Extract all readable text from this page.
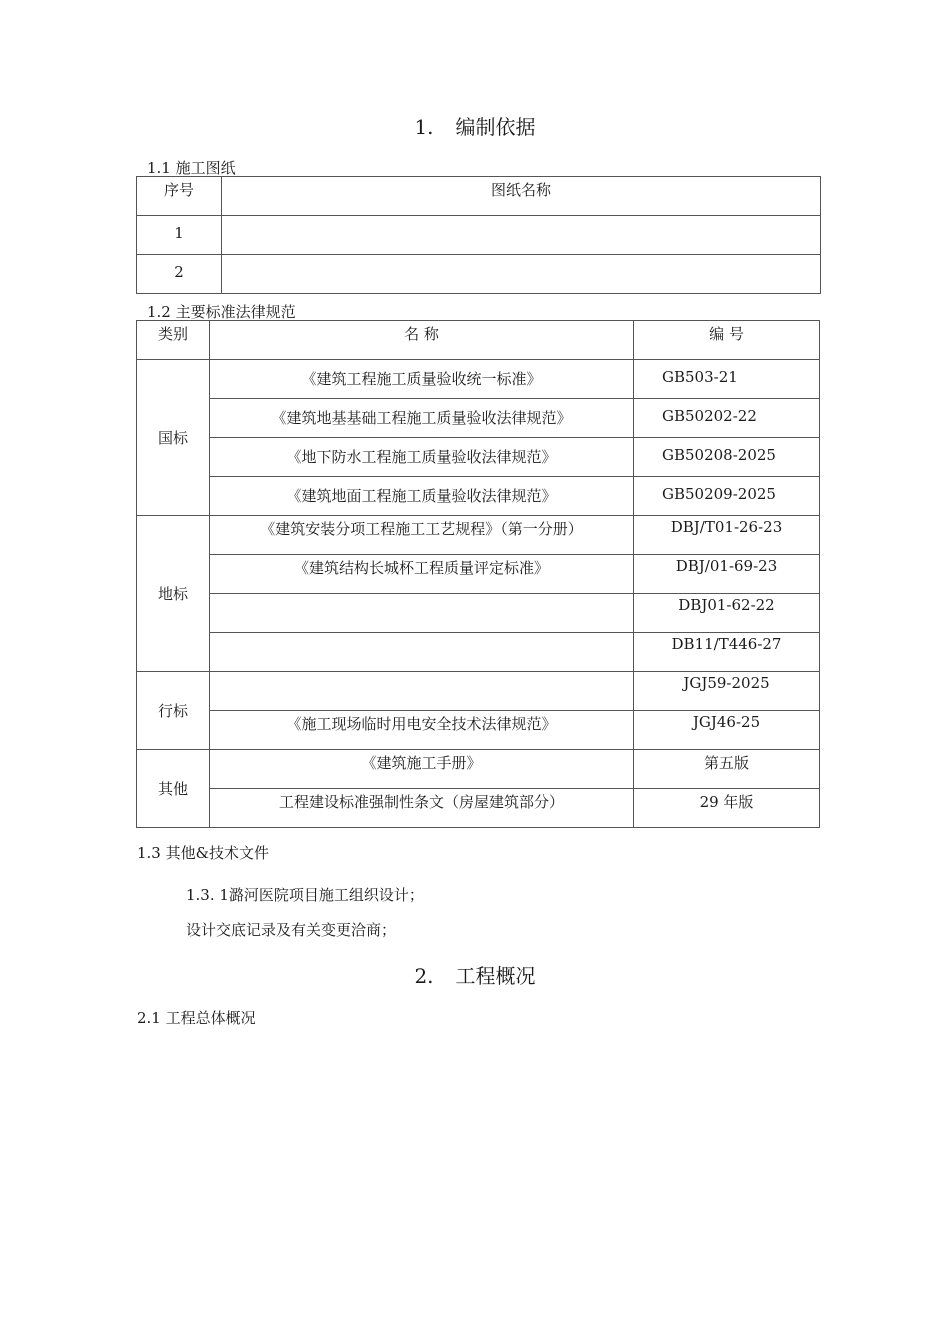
1. 编制依据
1.1 施工图纸
序号	图纸名称

1	

2	

1.2 主要标准法律规范
类别	名 称	编 号

国标	《建筑工程施工质量验收统一标准》	GB503-21

	《建筑地基基础工程施工质量验收法律规范》	GB50202-22

	《地下防水工程施工质量验收法律规范》	GB50208-2025

	《建筑地面工程施工质量验收法律规范》	GB50209-2025

地标	《建筑安装分项工程施工工艺规程》（第一分册）	DBJ/T01-26-23

	《建筑结构长城杯工程质量评定标准》	DBJ/01-69-23

		DBJ01-62-22

		DB11/T446-27

行标		JGJ59-2025

	《施工现场临时用电安全技术法律规范》	JGJ46-25

其他	《建筑施工手册》	第五版

	工程建设标准强制性条文（房屋建筑部分）	29 年版
1.3 其他&技术文件
1.3. 1潞河医院项目施工组织设计；
设计交底记录及有关变更洽商；
2. 工程概况
2.1 工程总体概况
